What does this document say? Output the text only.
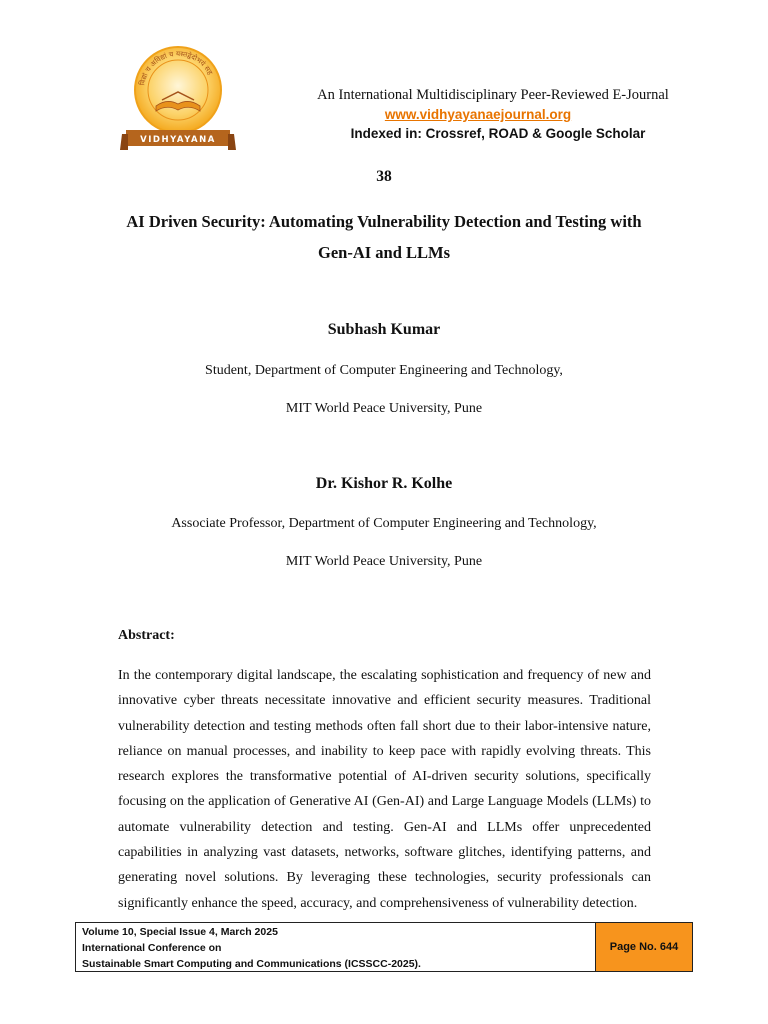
विद्यां च अविद्यां च यस्तद्वेदोभयं सह
VIDHYAYANA
An International Multidisciplinary Peer-Reviewed E-Journal
www.vidhyayanaejournal.org
Indexed in: Crossref, ROAD & Google Scholar
38
AI Driven Security: Automating Vulnerability Detection and Testing with
Gen-AI and LLMs
Subhash Kumar
Student, Department of Computer Engineering and Technology,
MIT World Peace University, Pune
Dr. Kishor R. Kolhe
Associate Professor, Department of Computer Engineering and Technology,
MIT World Peace University, Pune
Abstract:
In the contemporary digital landscape, the escalating sophistication and frequency of new and innovative cyber threats necessitate innovative and efficient security measures. Traditional vulnerability detection and testing methods often fall short due to their labor-intensive nature, reliance on manual processes, and inability to keep pace with rapidly evolving threats. This research explores the transformative potential of AI-driven security solutions, specifically focusing on the application of Generative AI (Gen-AI) and Large Language Models (LLMs) to automate vulnerability detection and testing. Gen-AI and LLMs offer unprecedented capabilities in analyzing vast datasets, networks, software glitches, identifying patterns, and generating novel solutions. By leveraging these technologies, security professionals can significantly enhance the speed, accuracy, and comprehensiveness of vulnerability detection.
Volume 10, Special Issue 4, March 2025
International Conference on
Sustainable Smart Computing and Communications (ICSSCC-2025).
Page No. 644
